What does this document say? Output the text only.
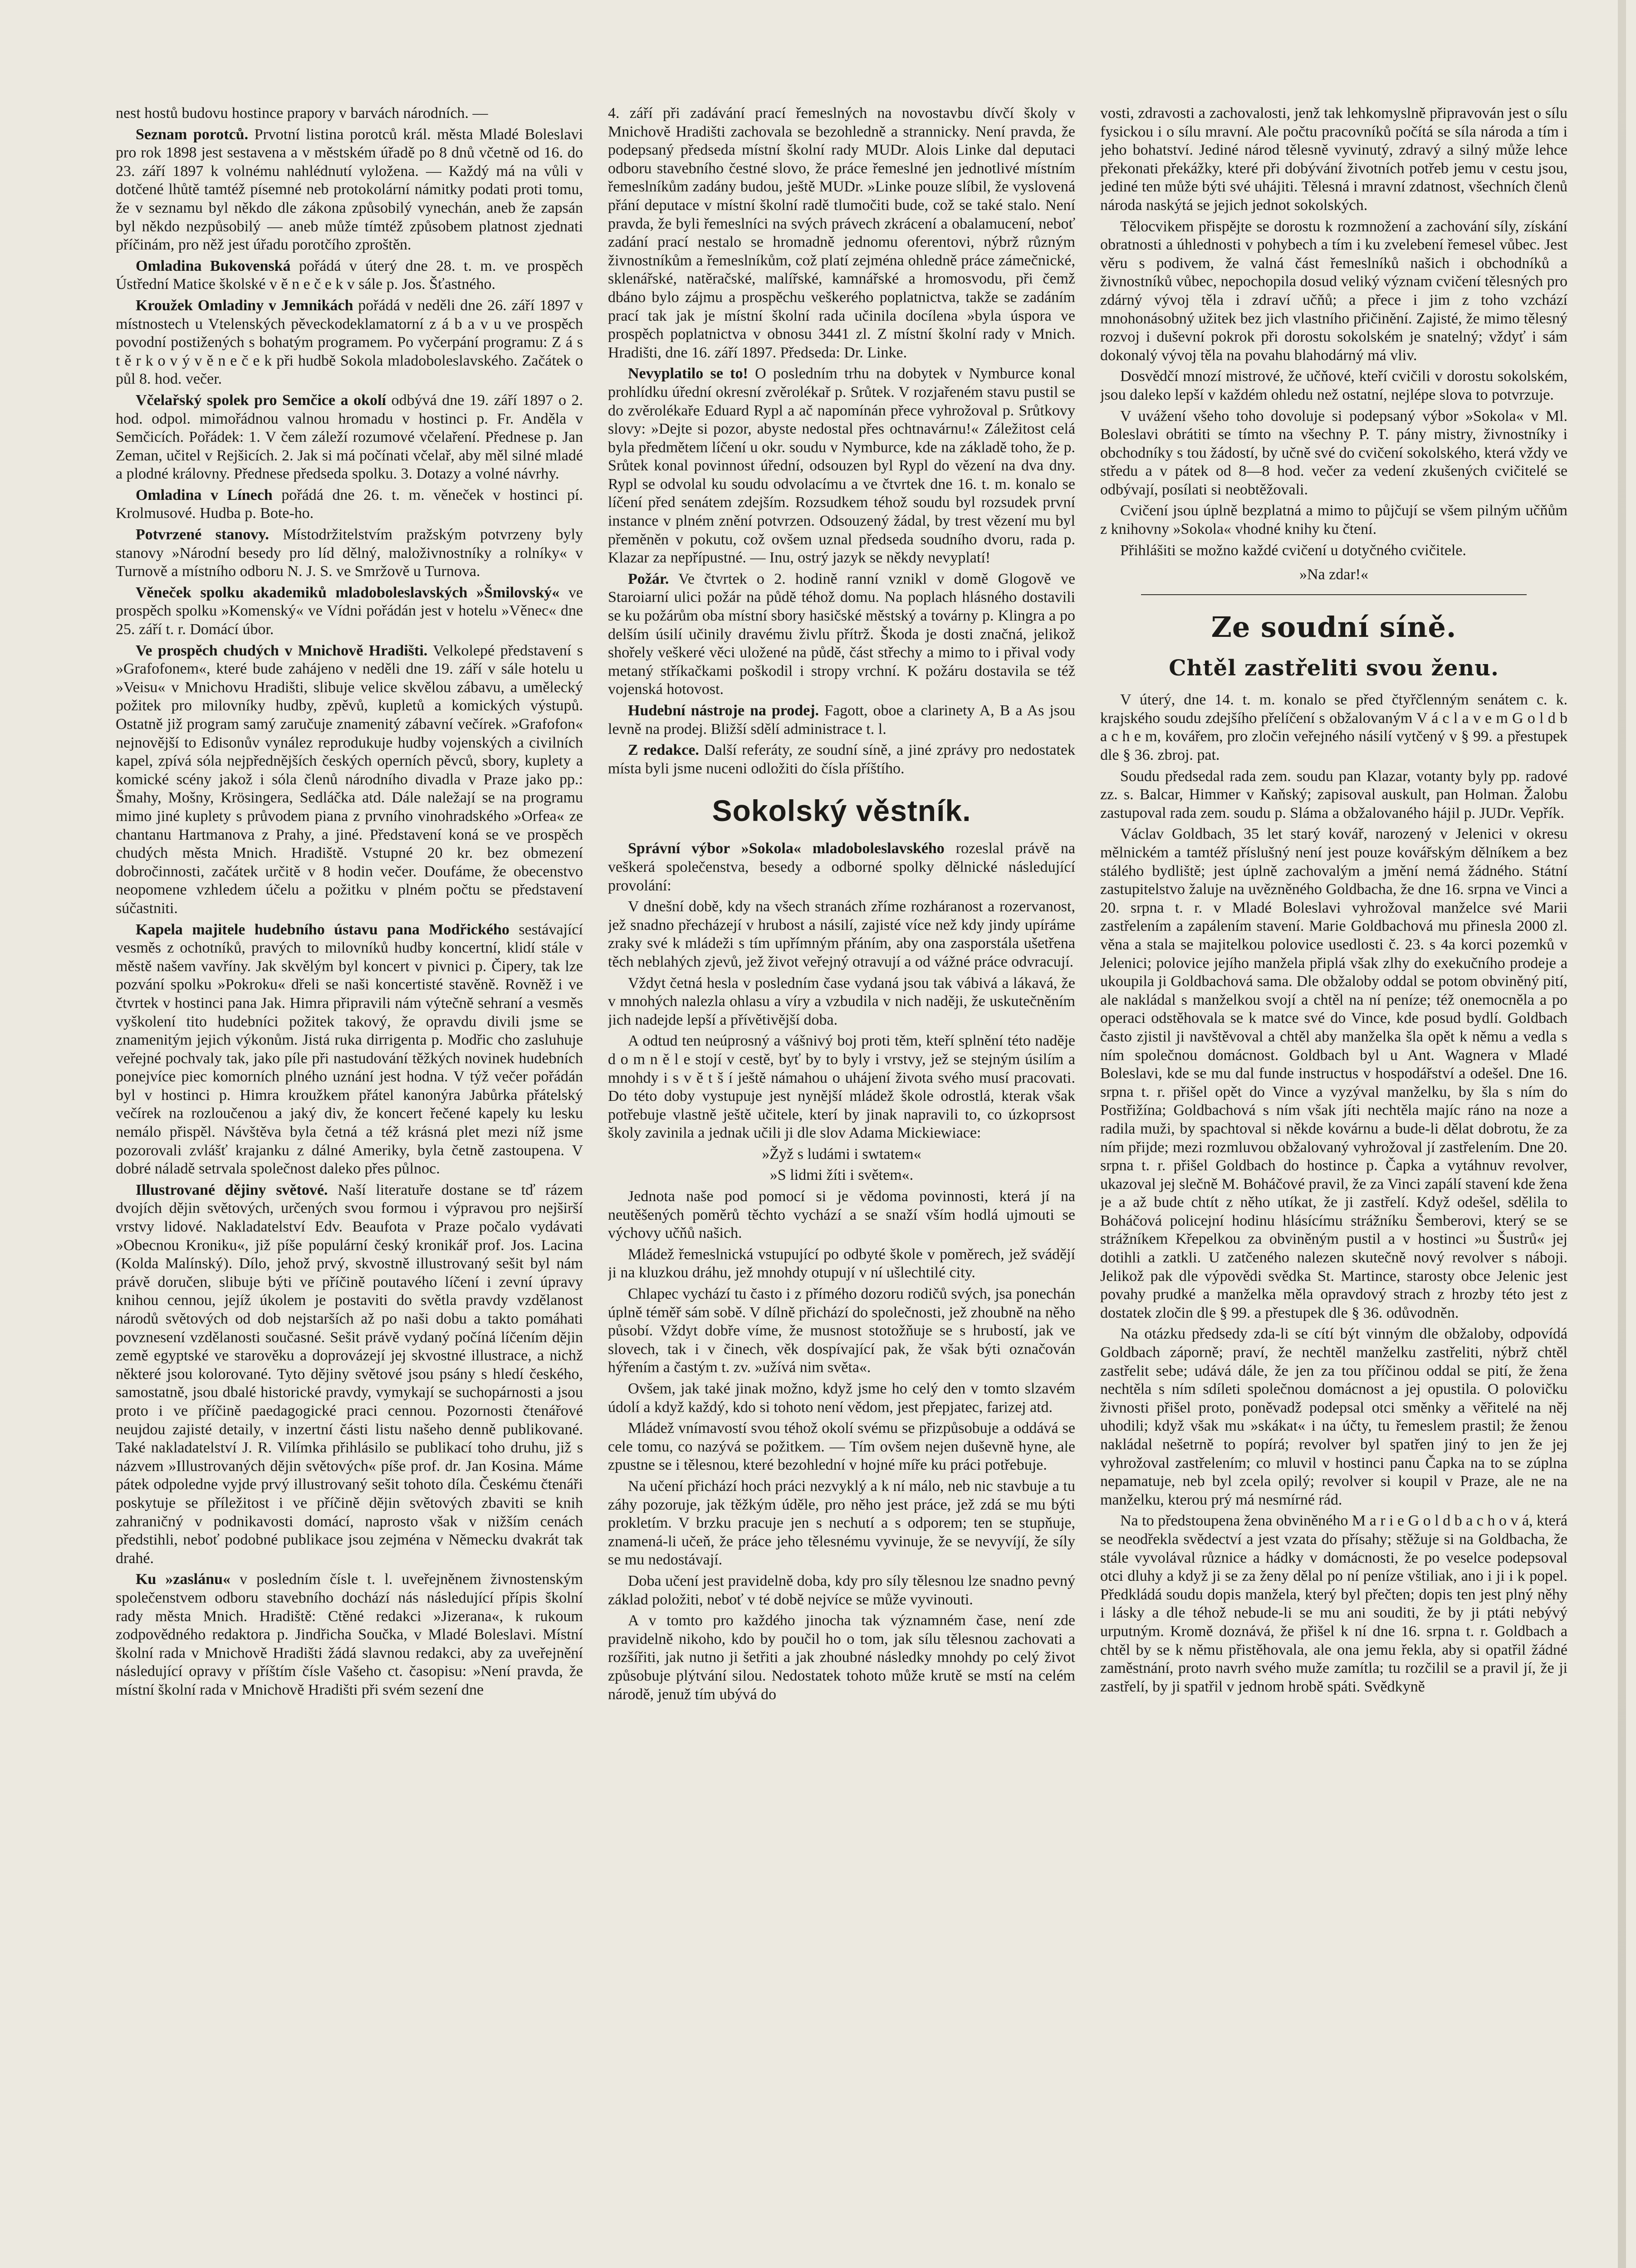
nest hostů budovu hostince prapory v barvách národních. —

Seznam porotců. Prvotní listina porotců král. města Mladé Boleslavi pro rok 1898 jest sestavena a v městském úřadě po 8 dnů včetně od 16. do 23. září 1897 k volnému nahlédnutí vyložena. — Každý má na vůli v dotčené lhůtě tamtéž písemné neb protokolární námitky podati proti tomu, že v seznamu byl někdo dle zákona způsobilý vynechán, aneb že zapsán byl někdo nezpůsobilý — aneb může tímtéž způsobem platnost zjednati příčinám, pro něž jest úřadu porotčího zproštěn.

Omladina Bukovenská pořádá v úterý dne 28. t. m. ve prospěch Ústřední Matice školské v ě n e č e k v sále p. Jos. Šťastného.

Kroužek Omladiny v Jemnikách pořádá v neděli dne 26. září 1897 v místnostech u Vtelenských pěveckodeklamatorní z á b a v u ve prospěch povodní postižených s bohatým programem. Po vyčerpání programu: Z á s t ě r k o v ý v ě n e č e k při hudbě Sokola mladoboleslavského. Začátek o půl 8. hod. večer.

Včelařský spolek pro Semčice a okolí odbývá dne 19. září 1897 o 2. hod. odpol. mimořádnou valnou hromadu v hostinci p. Fr. Anděla v Semčicích. Pořádek: 1. V čem záleží rozumové včelaření. Přednese p. Jan Zeman, učitel v Rejšicích. 2. Jak si má počínati včelař, aby měl silné mladé a plodné královny. Přednese předseda spolku. 3. Dotazy a volné návrhy.

Omladina v Línech pořádá dne 26. t. m. věneček v hostinci pí. Krolmusové. Hudba p. Bote-ho.

Potvrzené stanovy. Místodržitelstvím pražským potvrzeny byly stanovy »Národní besedy pro líd dělný, maloživnostníky a rolníky« v Turnově a místního odboru N. J. S. ve Smržově u Turnova.

Věneček spolku akademiků mladoboleslavských »Šmilovský« ve prospěch spolku »Komenský« ve Vídni pořádán jest v hotelu »Věnec« dne 25. září t. r. Domácí úbor.

Ve prospěch chudých v Mnichově Hradišti. Velkolepé představení s »Grafofonem«, které bude zahájeno v neděli dne 19. září v sále hotelu u »Veisu« v Mnichovu Hradišti, slibuje velice skvělou zábavu, a umělecký požitek pro milovníky hudby, zpěvů, kupletů a komických výstupů. Ostatně již program samý zaručuje znamenitý zábavní večírek. »Grafofon« nejnovější to Edisonův vynález reprodukuje hudby vojenských a civilních kapel, zpívá sóla nejpřednějších českých operních pěvců, sbory, kuplety a komické scény jakož i sóla členů národního divadla v Praze jako pp.: Šmahy, Mošny, Krösingera, Sedláčka atd. Dále naležají se na programu mimo jiné kuplety s průvodem piana z prvního vinohradského »Orfea« ze chantanu Hartmanova z Prahy, a jiné. Představení koná se ve prospěch chudých města Mnich. Hradiště. Vstupné 20 kr. bez obmezení dobročinnosti, začátek určitě v 8 hodin večer. Doufáme, že obecenstvo neopomene vzhledem účelu a požitku v plném počtu se představení súčastniti.

Kapela majitele hudebního ústavu pana Modřického sestávající vesměs z ochotníků, pravých to milovníků hudby koncertní, klidí stále v městě našem vavříny. Jak skvělým byl koncert v pivnici p. Čipery, tak lze pozvání spolku »Pokroku« dřeli se naši koncertisté stavěně. Rovněž i ve čtvrtek v hostinci pana Jak. Himra připravili nám výtečně sehraní a vesměs vyškolení tito hudebníci požitek takový, že opravdu divili jsme se znamenitým jejich výkonům. Jistá ruka dirrigenta p. Modřic cho zasluhuje veřejné pochvaly tak, jako píle při nastudování těžkých novinek hudebních ponejvíce piec komorních plného uznání jest hodna. V týž večer pořádán byl v hostinci p. Himra kroužkem přátel kanonýra Jabůrka přátelský večírek na rozloučenou a jaký div, že koncert řečené kapely ku lesku nemálo přispěl. Návštěva byla četná a též krásná plet mezi níž jsme pozorovali zvlášť krajanku z dálné Ameriky, byla četně zastoupena. V dobré náladě setrvala společnost daleko přes půlnoc.

Illustrované dějiny světové. Naší literatuře dostane se tď rázem dvojích dějin světových, určených svou formou i výpravou pro nejširší vrstvy lidové. Nakladatelství Edv. Beaufota v Praze počalo vydávati »Obecnou Kroniku«, již píše populární český kronikář prof. Jos. Lacina (Kolda Malínský). Dílo, jehož prvý, skvostně illustrovaný sešit byl nám právě doručen, slibuje býti ve příčině poutavého líčení i zevní úpravy knihou cennou, jejíž úkolem je postaviti do světla pravdy vzdělanost národů světových od dob nejstarších až po naši dobu a takto pomáhati povznesení vzdělanosti současné. Sešit právě vydaný počíná líčením dějin země egyptské ve starověku a doprovázejí jej skvostné illustrace, a nichž některé jsou kolorované. Tyto dějiny světové jsou psány s hledí českého, samostatně, jsou dbalé historické pravdy, vymykají se suchopárnosti a jsou proto i ve příčině paedagogické praci cennou. Pozornosti čtenářové neujdou zajisté detaily, v inzertní části listu našeho denně publikované. Také nakladatelství J. R. Vilímka přihlásilo se publikací toho druhu, již s názvem »Illustrovaných dějin světových« píše prof. dr. Jan Kosina. Máme pátek odpoledne vyjde prvý illustrovaný sešit tohoto díla. Českému čtenáři poskytuje se příležitost i ve příčině dějin světových zbaviti se knih zahraničný v podnikavosti domácí, naprosto však v nižším cenách předstihli, neboť podobné publikace jsou zejména v Německu dvakrát tak drahé.

Ku »zaslánu« v posledním čísle t. l. uveřejněnem živnostenským společenstvem odboru stavebního dochází nás následující přípis školní rady města Mnich. Hradiště: Ctěné redakci »Jizerana«, k rukoum zodpovědného redaktora p. Jindřicha Součka, v Mladé Boleslavi. Místní školní rada v Mnichově Hradišti žádá slavnou redakci, aby za uveřejnění následující opravy v příštím čísle Vašeho ct. časopisu: »Není pravda, že místní školní rada v Mnichově Hradišti při svém sezení dne

4. září při zadávání prací řemeslných na novostavbu dívčí školy v Mnichově Hradišti zachovala se bezohledně a strannicky. Není pravda, že podepsaný předseda místní školní rady MUDr. Alois Linke dal deputaci odboru stavebního čestné slovo, že práce řemeslné jen jednotlivé místním řemeslníkům zadány budou, ještě MUDr. »Linke pouze slíbil, že vyslovená přání deputace v místní školní radě tlumočiti bude, což se také stalo. Není pravda, že byli řemeslníci na svých právech zkrácení a obalamucení, neboť zadání prací nestalo se hromadně jednomu oferentovi, nýbrž různým živnostníkům a řemeslníkům, což platí zejména ohledně práce zámečnické, sklenářské, natěračské, malířské, kamnářské a hromosvodu, při čemž dbáno bylo zájmu a prospěchu veškerého poplatnictva, takže se zadáním prací tak jak je místní školní rada učinila docílena »byla úspora ve prospěch poplatnictva v obnosu 3441 zl. Z místní školní rady v Mnich. Hradišti, dne 16. září 1897. Předseda: Dr. Linke.

Nevyplatilo se to! O posledním trhu na dobytek v Nymburce konal prohlídku úřední okresní zvěrolékař p. Srůtek. V rozjařeném stavu pustil se do zvěrolékaře Eduard Rypl a ač napomínán přece vyhrožoval p. Srůtkovy slovy: »Dejte si pozor, abyste nedostal přes ochtnavárnu!« Záležitost celá byla předmětem líčení u okr. soudu v Nymburce, kde na základě toho, že p. Srůtek konal povinnost úřední, odsouzen byl Rypl do vězení na dva dny. Rypl se odvolal ku soudu odvolacímu a ve čtvrtek dne 16. t. m. konalo se líčení před senátem zdejším. Rozsudkem téhož soudu byl rozsudek první instance v plném znění potvrzen. Odsouzený žádal, by trest vězení mu byl přeměněn v pokutu, což ovšem uznal předseda soudního dvoru, rada p. Klazar za nepřípustné. — Inu, ostrý jazyk se někdy nevyplatí!

Požár. Ve čtvrtek o 2. hodině ranní vznikl v domě Glogově ve Staroiarní ulici požár na půdě téhož domu. Na poplach hlásného dostavili se ku požárům oba místní sbory hasičské městský a továrny p. Klingra a po delším úsilí učinily dravému živlu přítrž. Škoda je dosti značná, jelikož shořely veškeré věci uložené na půdě, část střechy a mimo to i přival vody metaný stříkačkami poškodil i stropy vrchní. K požáru dostavila se též vojenská hotovost.

Hudební nástroje na prodej. Fagott, oboe a clarinety A, B a As jsou levně na prodej. Bližší sdělí administrace t. l.

Z redakce. Další referáty, ze soudní síně, a jiné zprávy pro nedostatek místa byli jsme nuceni odložiti do čísla příštího.

Sokolský věstník.

Správní výbor »Sokola« mladoboleslavského rozeslal právě na veškerá společenstva, besedy a odborné spolky dělnické následující provolání:

V dnešní době, kdy na všech stranách zříme rozháranost a rozervanost, jež snadno přecházejí v hrubost a násilí, zajisté více než kdy jindy upíráme zraky své k mládeži s tím upřímným přáním, aby ona zasporstála ušetřena těch neblahých zjevů, jež život veřejný otravují a od vážné práce odvracují.

Vždyt četná hesla v posledním čase vydaná jsou tak vábivá a lákavá, že v mnohých nalezla ohlasu a víry a vzbudila v nich naději, že uskutečněním jich nadejde lepší a přívětivější doba.

A odtud ten neúprosný a vášnivý boj proti těm, kteří splnění této naděje d o m n ě l e stojí v cestě, byť by to byly i vrstvy, jež se stejným úsilím a mnohdy i s v ě t š í ještě námahou o uhájení života svého musí pracovati. Do této doby vystupuje jest nynější mládež škole odrostlá, kterak však potřebuje vlastně ještě učitele, kterí by jinak napravili to, co úzkoprsost školy zavinila a jednak učili ji dle slov Adama Mickiewiace:

»Žyž s ludámi i swtatem«

»S lidmi žíti i světem«.

Jednota naše pod pomocí si je vědoma povinnosti, která jí na neutěšených poměrů těchto vychází a se snaží vším hodlá ujmouti se výchovy učňů našich.

Mládež řemeslnická vstupující po odbyté škole v poměrech, jež svádějí ji na kluzkou dráhu, jež mnohdy otupují v ní ušlechtilé city.

Chlapec vychází tu často i z přímého dozoru rodičů svých, jsa ponechán úplně téměř sám sobě. V dílně přichází do společnosti, jež zhoubně na něho působí. Vždyt dobře víme, že musnost stotožňuje se s hrubostí, jak ve slovech, tak i v činech, věk dospívající pak, že však býti označován hýřením a častým t. zv. »užívá nim světa«.

Ovšem, jak také jinak možno, když jsme ho celý den v tomto slzavém údolí a když každý, kdo si tohoto není vědom, jest přepjatec, farizej atd.

Mládež vnímavostí svou téhož okolí svému se přizpůsobuje a oddává se cele tomu, co nazývá se požitkem. — Tím ovšem nejen duševně hyne, ale zpustne se i tělesnou, které bezohlední v hojné míře ku práci potřebuje.

Na učení přichází hoch práci nezvyklý a k ní málo, neb nic stavbuje a tu záhy pozoruje, jak těžkým úděle, pro něho jest práce, jež zdá se mu býti prokletím. V brzku pracuje jen s nechutí a s odporem; ten se stupňuje, znamená-li učeň, že práce jeho tělesnému vyvinuje, že se nevyvíjí, že síly se mu nedostávají.

Doba učení jest pravidelně doba, kdy pro síly tělesnou lze snadno pevný základ položiti, neboť v té době nejvíce se může vyvinouti.

A v tomto pro každého jinocha tak významném čase, není zde pravidelně nikoho, kdo by poučil ho o tom, jak sílu tělesnou zachovati a rozšířiti, jak nutno ji šetřiti a jak zhoubné následky mnohdy po celý život způsobuje plýtvání silou. Nedostatek tohoto může krutě se mstí na celém národě, jenuž tím ubývá do

vosti, zdravosti a zachovalosti, jenž tak lehkomyslně připravován jest o sílu fysickou i o sílu mravní. Ale počtu pracovníků počítá se síla národa a tím i jeho bohatství. Jediné národ tělesně vyvinutý, zdravý a silný může lehce překonati překážky, které při dobývání životních potřeb jemu v cestu jsou, jediné ten může býti své uhájiti. Tělesná i mravní zdatnost, všechních členů národa naskýtá se jejich jednot sokolských.

Tělocvikem přispějte se dorostu k rozmnožení a zachování síly, získání obratnosti a úhlednosti v pohybech a tím i ku zvelebení řemesel vůbec. Jest věru s podivem, že valná část řemeslníků našich i obchodníků a živnostníků vůbec, nepochopila dosud veliký význam cvičení tělesných pro zdárný vývoj těla i zdraví učňů; a přece i jim z toho vzchází mnohonásobný užitek bez jich vlastního přičinění. Zajisté, že mimo tělesný rozvoj i duševní pokrok při dorostu sokolském je snatelný; vždyť i sám dokonalý vývoj těla na povahu blahodárný má vliv.

Dosvědčí mnozí mistrové, že učňové, kteří cvičili v dorostu sokolském, jsou daleko lepší v každém ohledu než ostatní, nejlépe slova to potvrzuje.

V uvážení všeho toho dovoluje si podepsaný výbor »Sokola« v Ml. Boleslavi obrátiti se tímto na všechny P. T. pány mistry, živnostníky i obchodníky s tou žádostí, by učně své do cvičení sokolského, která vždy ve středu a v pátek od 8—8 hod. večer za vedení zkušených cvičitelé se odbývají, posílati si neobtěžovali.

Cvičení jsou úplně bezplatná a mimo to půjčují se všem pilným učňům z knihovny »Sokola« vhodné knihy ku čtení.

Přihlášiti se možno každé cvičení u dotyčného cvičitele.

»Na zdar!«
Ze soudní síně.
Chtěl zastřeliti svou ženu.

V úterý, dne 14. t. m. konalo se před čtyřčlenným senátem c. k. krajského soudu zdejšího přelíčení s obžalovaným V á c l a v e m G o l d b a c h e m, kovářem, pro zločin veřejného násilí vytčený v § 99. a přestupek dle § 36. zbroj. pat.

Soudu předsedal rada zem. soudu pan Klazar, votanty byly pp. radové zz. s. Balcar, Himmer v Kaňský; zapisoval auskult, pan Holman. Žalobu zastupoval rada zem. soudu p. Sláma a obžalovaného hájil p. JUDr. Vepřík.

Václav Goldbach, 35 let starý kovář, narozený v Jelenici v okresu mělnickém a tamtéž příslušný není jest pouze kovářským dělníkem a bez stálého bydliště; jest úplně zachovalým a jmění nemá žádného. Státní zastupitelstvo žaluje na uvězněného Goldbacha, že dne 16. srpna ve Vinci a 20. srpna t. r. v Mladé Boleslavi vyhrožoval manželce své Marii zastřelením a zapálením stavení. Marie Goldbachová mu přinesla 2000 zl. věna a stala se majitelkou polovice usedlosti č. 23. s 4a korci pozemků v Jelenici; polovice jejího manžela připlá však zlhy do exekučního prodeje a ukoupila ji Goldbachová sama. Dle obžaloby oddal se potom obviněný pití, ale nakládal s manželkou svojí a chtěl na ní peníze; též onemocněla a po operaci odstěhovala se k matce své do Vince, kde posud bydlí. Goldbach často zjistil ji navštěvoval a chtěl aby manželka šla opět k němu a vedla s ním společnou domácnost. Goldbach byl u Ant. Wagnera v Mladé Boleslavi, kde se mu dal funde instructus v hospodářství a odešel. Dne 16. srpna t. r. přišel opět do Vince a vyzýval manželku, by šla s ním do Postřižína; Goldbachová s ním však jíti nechtěla majíc ráno na noze a radila muži, by spachtoval si někde kovárnu a bude-li dělat dobrotu, že za ním přijde; mezi rozmluvou obžalovaný vyhrožoval jí zastřelením. Dne 20. srpna t. r. přišel Goldbach do hostince p. Čapka a vytáhnuv revolver, ukazoval jej slečně M. Boháčové pravil, že za Vinci zapálí stavení kde žena je a až bude chtít z něho utíkat, že ji zastřelí. Když odešel, sdělila to Boháčová policejní hodinu hlásícímu strážníku Šemberovi, který se se strážníkem Křepelkou za obviněným pustil a v hostinci »u Šustrů« jej dotihli a zatkli. U zatčeného nalezen skutečně nový revolver s náboji. Jelikož pak dle výpovědi svědka St. Martince, starosty obce Jelenic jest povahy prudké a manželka měla opravdový strach z hrozby této jest z dostatek zločin dle § 99. a přestupek dle § 36. odůvodněn.

Na otázku předsedy zda-li se cítí být vinným dle obžaloby, odpovídá Goldbach záporně; praví, že nechtěl manželku zastřeliti, nýbrž chtěl zastřelit sebe; udává dále, že jen za tou příčinou oddal se pití, že žena nechtěla s ním sdíleti společnou domácnost a jej opustila. O polovičku živnosti přišel proto, poněvadž podepsal otci směnky a věřitelé na něj uhodili; když však mu »skákat« i na účty, tu řemeslem prastil; že ženou nakládal nešetrně to popírá; revolver byl spatřen jiný to jen že jej vyhrožoval zastřelením; co mluvil v hostinci panu Čapka na to se zúplna nepamatuje, neb byl zcela opilý; revolver si koupil v Praze, ale ne na manželku, kterou prý má nesmírné rád.

Na to předstoupena žena obviněného M a r i e G o l d b a c h o v á, která se neodřekla svědectví a jest vzata do přísahy; stěžuje si na Goldbacha, že stále vyvolával různice a hádky v domácnosti, že po veselce podepsoval otci dluhy a když ji se za ženy dělal po ní peníze vštiliak, ano i ji i k popel. Předkládá soudu dopis manžela, který byl přečten; dopis ten jest plný něhy i lásky a dle téhož nebude-li se mu ani souditi, že by ji ptáti nebývý urputným. Kromě doznává, že přišel k ní dne 16. srpna t. r. Goldbach a chtěl by se k němu přistěhovala, ale ona jemu řekla, aby si opatřil žádné zaměstnání, proto navrh svého muže zamítla; tu rozčilil se a pravil jí, že ji zastřelí, by ji spatřil v jednom hrobě spáti. Svědkyně
